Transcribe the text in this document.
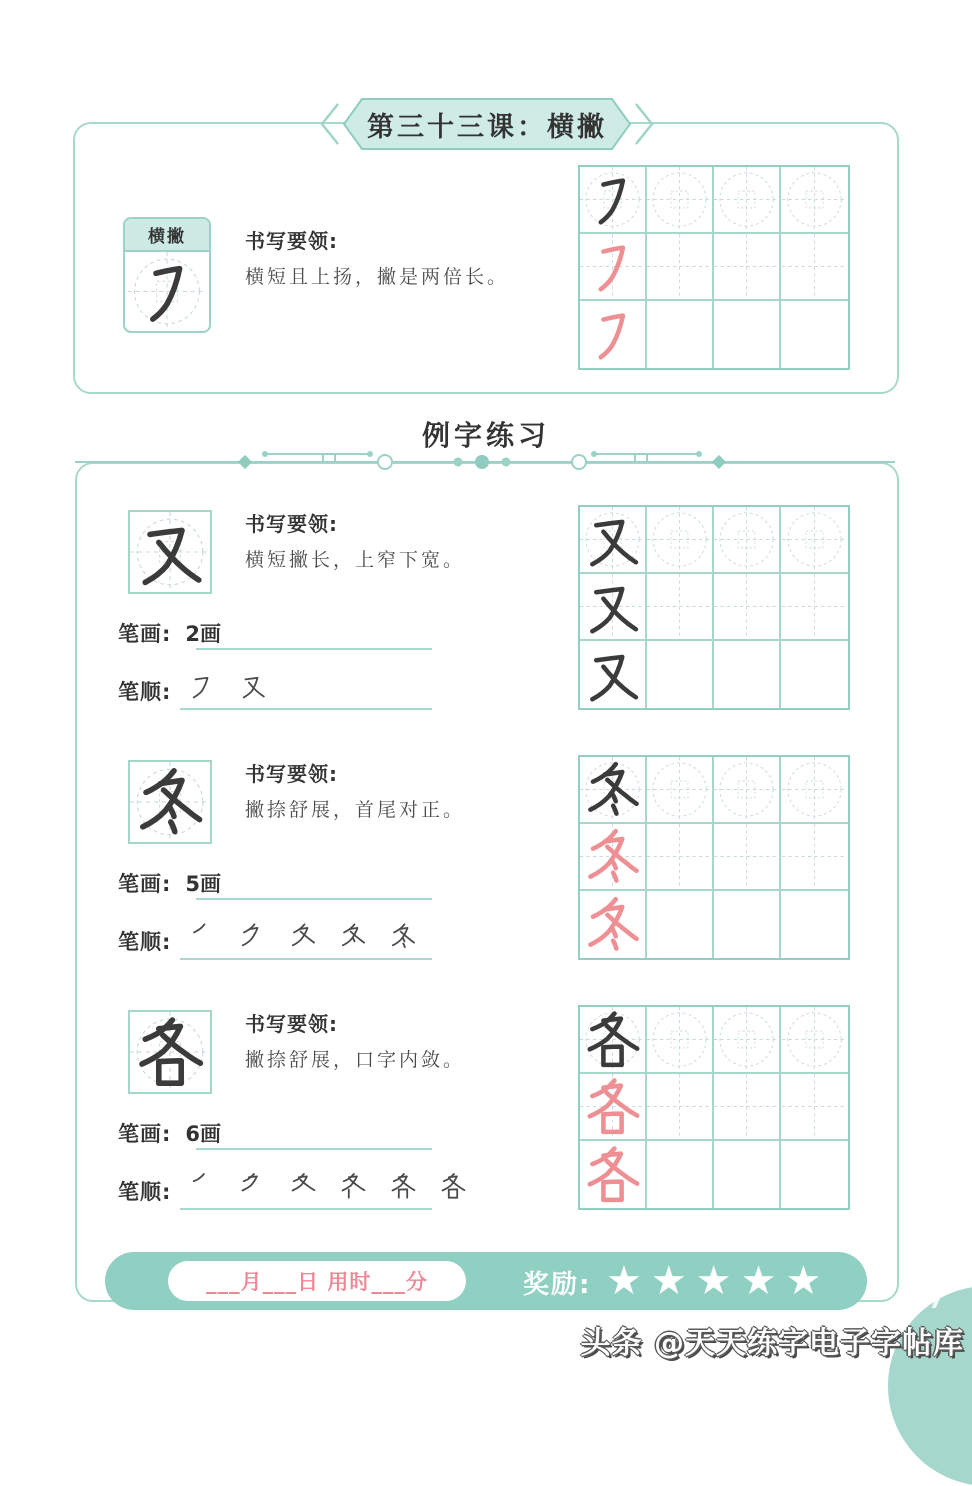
第三十三课：横撇
横撇	书写要领:
横短且上扬，撇是两倍长。
例字练习
书写要领:
横短撇长，上窄下宽。
笔画: 2画
笔顺:
书写要领:
撇捺舒展，首尾对正。
笔画: 5画
笔顺:
书写要领:
撇捺舒展，口字内敛。
笔画: 6画
笔顺:
___月___日 用时___分	奖励: ★ ★ ★ ★ ★	27
头条 @天天练字电子字帖库
